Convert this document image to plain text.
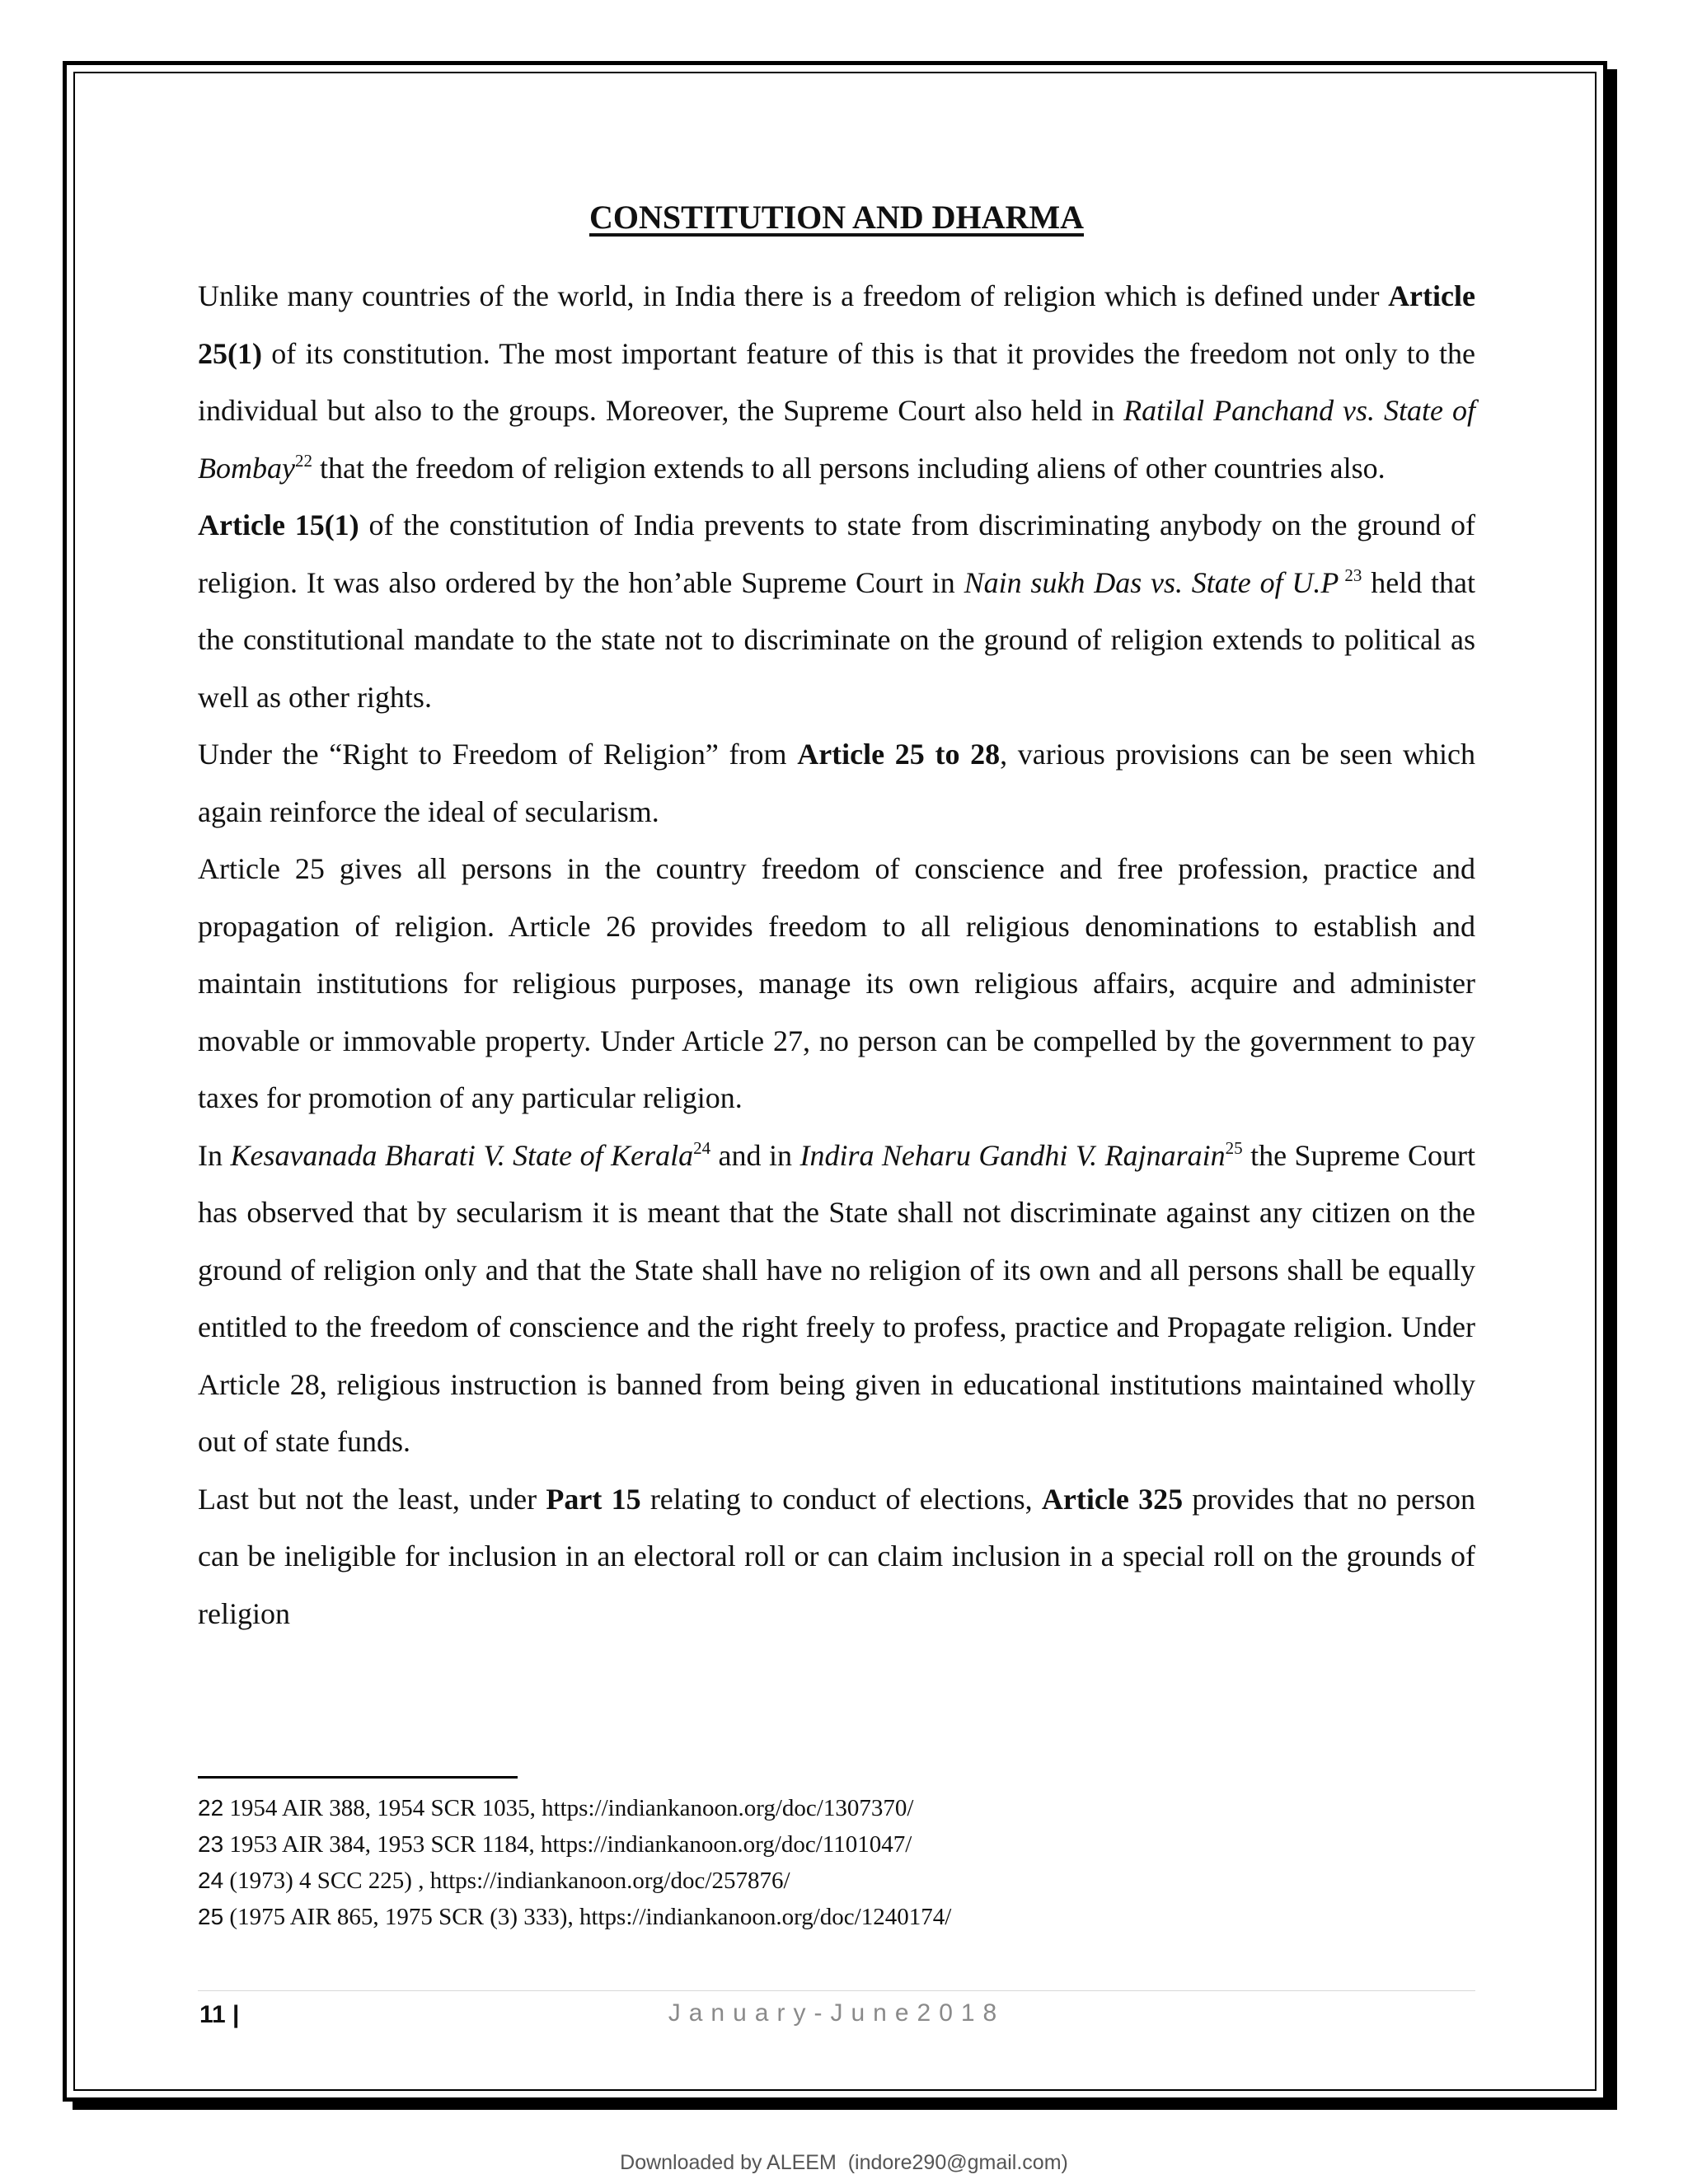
CONSTITUTION AND DHARMA

Unlike many countries of the world, in India there is a freedom of religion which is defined under Article 25(1) of its constitution. The most important feature of this is that it provides the freedom not only to the individual but also to the groups. Moreover, the Supreme Court also held in Ratilal Panchand vs. State of Bombay$^{22}$ that the freedom of religion extends to all persons including aliens of other countries also.

Article 15(1) of the constitution of India prevents to state from discriminating anybody on the ground of religion. It was also ordered by the hon’able Supreme Court in Nain sukh Das vs. State of U.P $^{23}$ held that the constitutional mandate to the state not to discriminate on the ground of religion extends to political as well as other rights.

Under the “Right to Freedom of Religion” from Article 25 to 28, various provisions can be seen which again reinforce the ideal of secularism.

Article 25 gives all persons in the country freedom of conscience and free profession, practice and propagation of religion. Article 26 provides freedom to all religious denominations to establish and maintain institutions for religious purposes, manage its own religious affairs, acquire and administer movable or immovable property. Under Article 27, no person can be compelled by the government to pay taxes for promotion of any particular religion.

In Kesavanada Bharati V. State of Kerala$^{24}$ and in Indira Neharu Gandhi V. Rajnarain$^{25}$ the Supreme Court has observed that by secularism it is meant that the State shall not discriminate against any citizen on the ground of religion only and that the State shall have no religion of its own and all persons shall be equally entitled to the freedom of conscience and the right freely to profess, practice and Propagate religion. Under Article 28, religious instruction is banned from being given in educational institutions maintained wholly out of state funds.

Last but not the least, under Part 15 relating to conduct of elections, Article 325 provides that no person can be ineligible for inclusion in an electoral roll or can claim inclusion in a special roll on the grounds of religion

22 1954 AIR 388, 1954 SCR 1035, https://indiankanoon.org/doc/1307370/

23 1953 AIR 384, 1953 SCR 1184, https://indiankanoon.org/doc/1101047/

24 (1973) 4 SCC 225) , https://indiankanoon.org/doc/257876/

25 (1975 AIR 865, 1975 SCR (3) 333), https://indiankanoon.org/doc/1240174/

11 |	January-June2018
Downloaded by ALEEM  (indore290@gmail.com)
